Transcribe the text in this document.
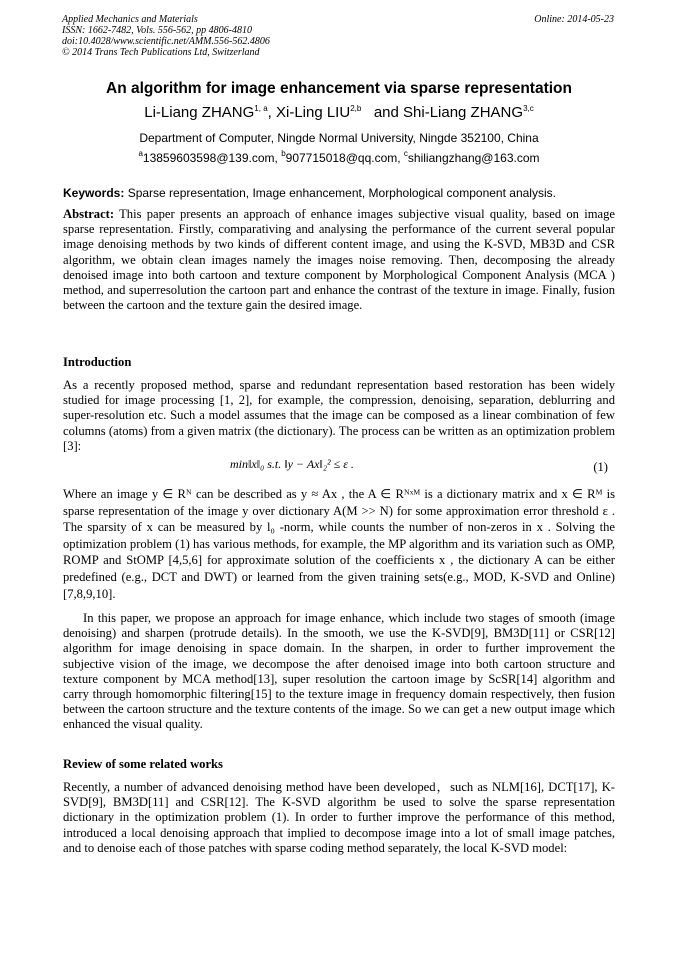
Applied Mechanics and Materials
ISSN: 1662-7482, Vols. 556-562, pp 4806-4810
doi:10.4028/www.scientific.net/AMM.556-562.4806
© 2014 Trans Tech Publications Ltd, Switzerland
Online: 2014-05-23
An algorithm for image enhancement via sparse representation
Li-Liang ZHANG$^{1, a}$, Xi-Ling LIU$^{2,b}$   and Shi-Liang ZHANG$^{3,c}$
Department of Computer, Ningde Normal University, Ningde 352100, China
$^a$13859603598@139.com, $^b$907715018@qq.com, $^c$shiliangzhang@163.com
Keywords: Sparse representation, Image enhancement, Morphological component analysis.
Abstract: This paper presents an approach of enhance images subjective visual quality, based on image sparse representation. Firstly, comparativing and analysing the performance of the current several popular image denoising methods by two kinds of different content image, and using the K-SVD, MB3D and CSR algorithm, we obtain clean images namely the images noise removing. Then, decomposing the already denoised image into both cartoon and texture component by Morphological Component Analysis (MCA ) method, and superresolution the cartoon part and enhance the contrast of the texture in image. Finally, fusion between the cartoon and the texture gain the desired image.
Introduction
As a recently proposed method, sparse and redundant representation based restoration has been widely studied for image processing [1, 2], for example, the compression, denoising, separation, deblurring and super-resolution etc. Such a model assumes that the image can be composed as a linear combination of few columns (atoms) from a given matrix (the dictionary). The process can be written as an optimization problem [3]:
min‖x‖₀ s.t. ‖y − Ax‖₂² ≤ ε .	(1)
Where an image y ∈ Rᴺ can be described as y ≈ Ax , the A ∈ Rᴺˣᴹ is a dictionary matrix and x ∈ Rᴹ is sparse representation of the image y over dictionary A(M >> N) for some approximation error threshold ε . The sparsity of x can be measured by l₀ -norm, while counts the number of non-zeros in x . Solving the optimization problem (1) has various methods, for example, the MP algorithm and its variation such as OMP, ROMP and StOMP [4,5,6] for approximate solution of the coefficients x , the dictionary A can be either predefined (e.g., DCT and DWT) or learned from the given training sets(e.g., MOD, K-SVD and Online)[7,8,9,10].
In this paper, we propose an approach for image enhance, which include two stages of smooth (image denoising) and sharpen (protrude details). In the smooth, we use the K-SVD[9], BM3D[11] or CSR[12] algorithm for image denoising in space domain. In the sharpen, in order to further improvement the subjective vision of the image, we decompose the after denoised image into both cartoon structure and texture component by MCA method[13], super resolution the cartoon image by ScSR[14] algorithm and carry through homomorphic filtering[15] to the texture image in frequency domain respectively, then fusion between the cartoon structure and the texture contents of the image. So we can get a new output image which enhanced the visual quality.
Review of some related works
Recently, a number of advanced denoising method have been developed，such as NLM[16], DCT[17], K-SVD[9], BM3D[11] and CSR[12]. The K-SVD algorithm be used to solve the sparse representation dictionary in the optimization problem (1). In order to further improve the performance of this method, introduced a local denoising approach that implied to decompose image into a lot of small image patches, and to denoise each of those patches with sparse coding method separately, the local K-SVD model:
